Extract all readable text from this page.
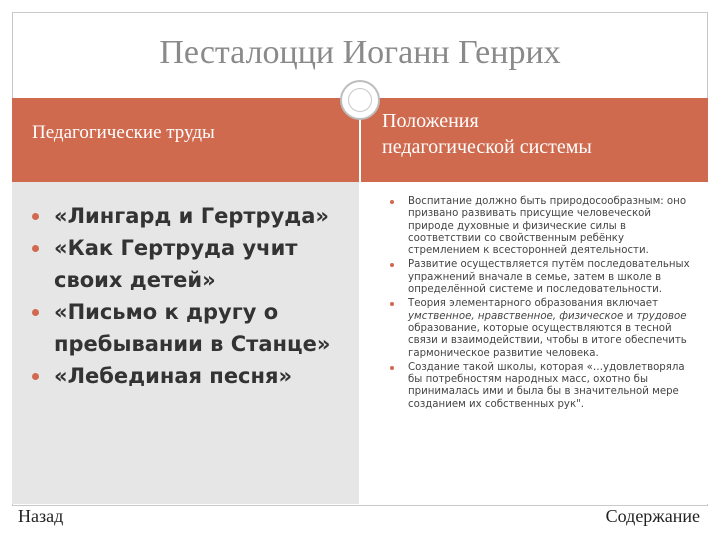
Песталоцци Иоганн Генрих
Педагогические труды
Положения
педагогической системы
«Лингард и Гертруда»
«Как Гертруда учит своих детей»
«Письмо к другу о пребывании в Станце»
«Лебединая песня»
Воспитание должно быть природосообразным: оно призвано развивать присущие человеческой природе духовные и физические силы в соответствии со свойственным ребёнку стремлением к всесторонней деятельности.
Развитие осуществляется путём последовательных упражнений вначале в семье, затем в школе в определённой системе и последовательности.
Теория элементарного образования включает умственное, нравственное, физическое и трудовое образование, которые осуществляются в тесной связи и взаимодействии, чтобы в итоге обеспечить гармоническое развитие человека.
Создание такой школы, которая «…удовлетворяла бы потребностям народных масс, охотно бы принималась ими и была бы в значительной мере созданием их собственных рук".
Назад	Содержание
